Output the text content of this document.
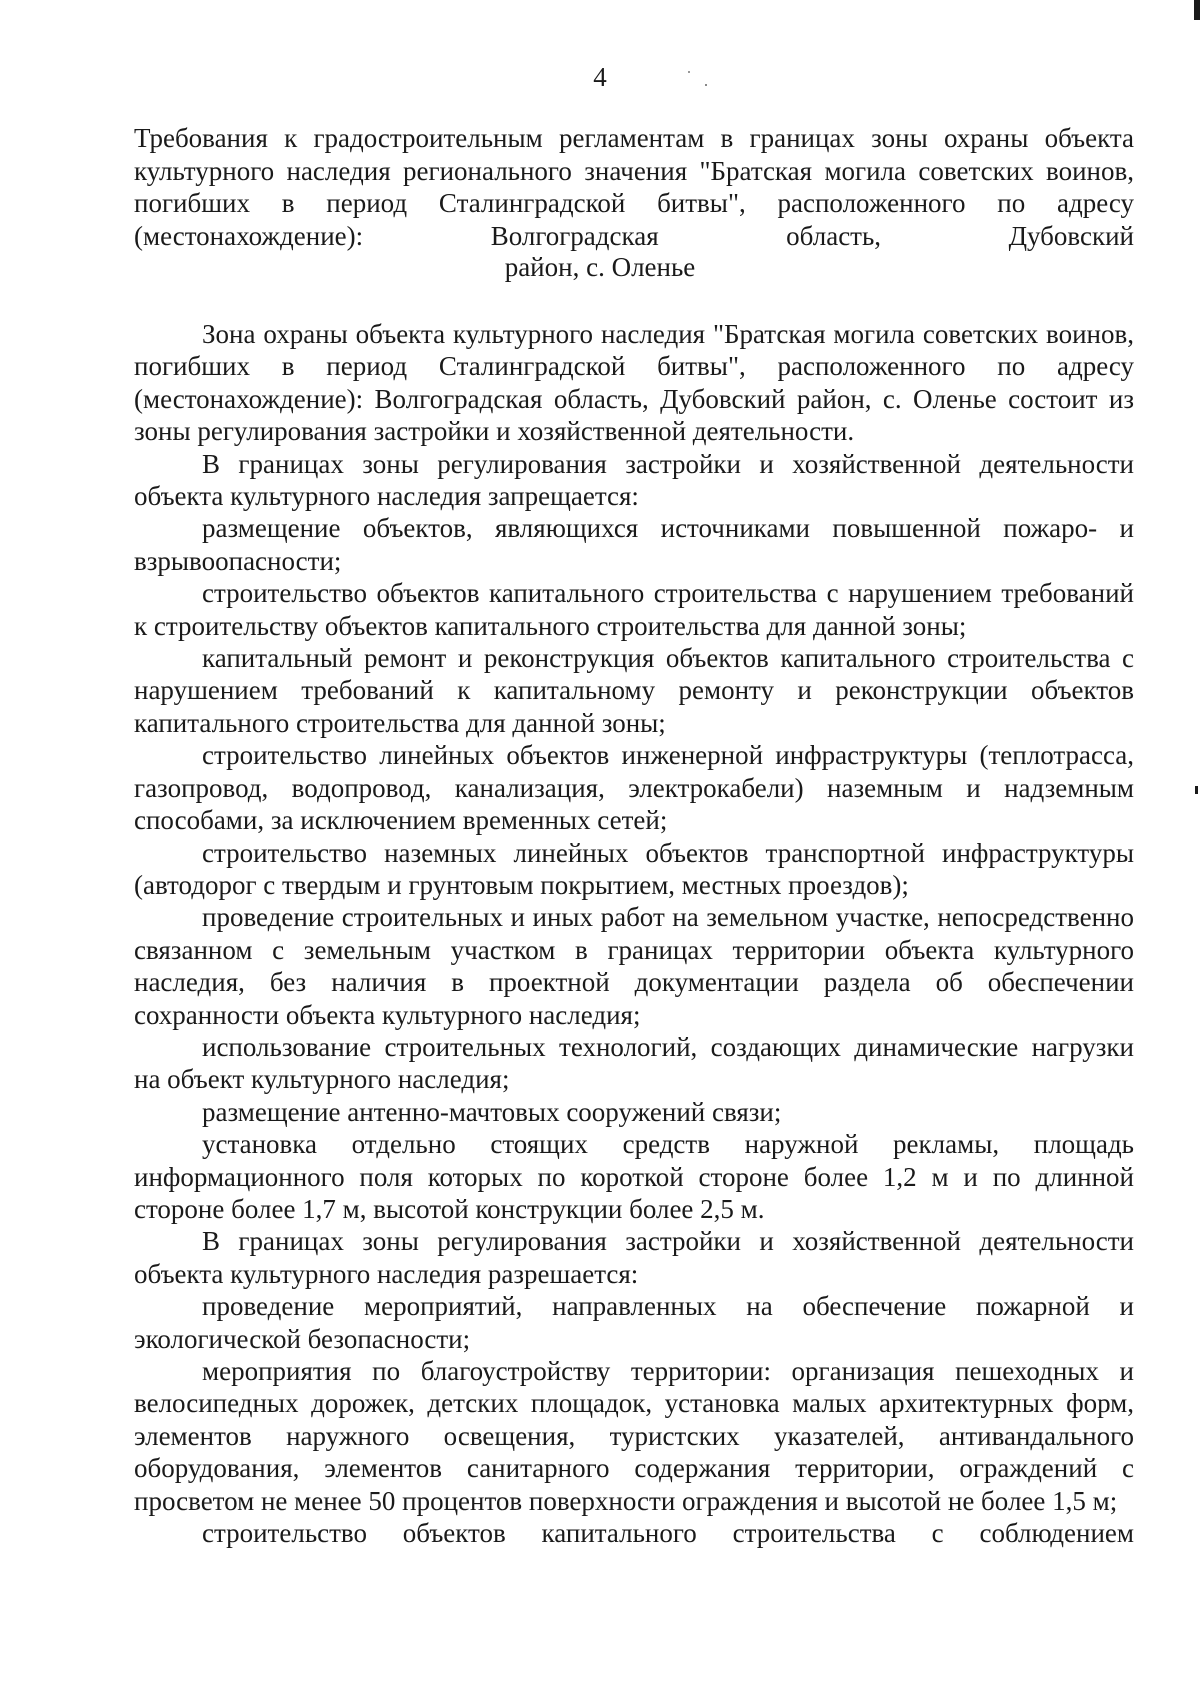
4
Требования к градостроительным регламентам в границах зоны охраны объекта культурного наследия регионального значения "Братская могила советских воинов, погибших в период Сталинградской битвы", расположенного по адресу (местонахождение): Волгоградская область, Дубовский
район, с. Оленье

Зона охраны объекта культурного наследия "Братская могила советских воинов, погибших в период Сталинградской битвы", расположенного по адресу (местонахождение): Волгоградская область, Дубовский район, с. Оленье состоит из зоны регулирования застройки и хозяйственной деятельности.

В границах зоны регулирования застройки и хозяйственной деятельности объекта культурного наследия запрещается:

размещение объектов, являющихся источниками повышенной пожаро- и взрывоопасности;

строительство объектов капитального строительства с нарушением требований к строительству объектов капитального строительства для данной зоны;

капитальный ремонт и реконструкция объектов капитального строительства с нарушением требований к капитальному ремонту и реконструкции объектов капитального строительства для данной зоны;

строительство линейных объектов инженерной инфраструктуры (теплотрасса, газопровод, водопровод, канализация, электрокабели) наземным и надземным способами, за исключением временных сетей;

строительство наземных линейных объектов транспортной инфраструктуры (автодорог с твердым и грунтовым покрытием, местных проездов);

проведение строительных и иных работ на земельном участке, непосредственно связанном с земельным участком в границах территории объекта культурного наследия, без наличия в проектной документации раздела об обеспечении сохранности объекта культурного наследия;

использование строительных технологий, создающих динамические нагрузки на объект культурного наследия;

размещение антенно-мачтовых сооружений связи;

установка отдельно стоящих средств наружной рекламы, площадь информационного поля которых по короткой стороне более 1,2 м и по длинной стороне более 1,7 м, высотой конструкции более 2,5 м.

В границах зоны регулирования застройки и хозяйственной деятельности объекта культурного наследия разрешается:

проведение мероприятий, направленных на обеспечение пожарной и экологической безопасности;

мероприятия по благоустройству территории: организация пешеходных и велосипедных дорожек, детских площадок, установка малых архитектурных форм, элементов наружного освещения, туристских указателей, антивандального оборудования, элементов санитарного содержания территории, ограждений с просветом не менее 50 процентов поверхности ограждения и высотой не более 1,5 м;

строительство объектов капитального строительства с соблюдением
